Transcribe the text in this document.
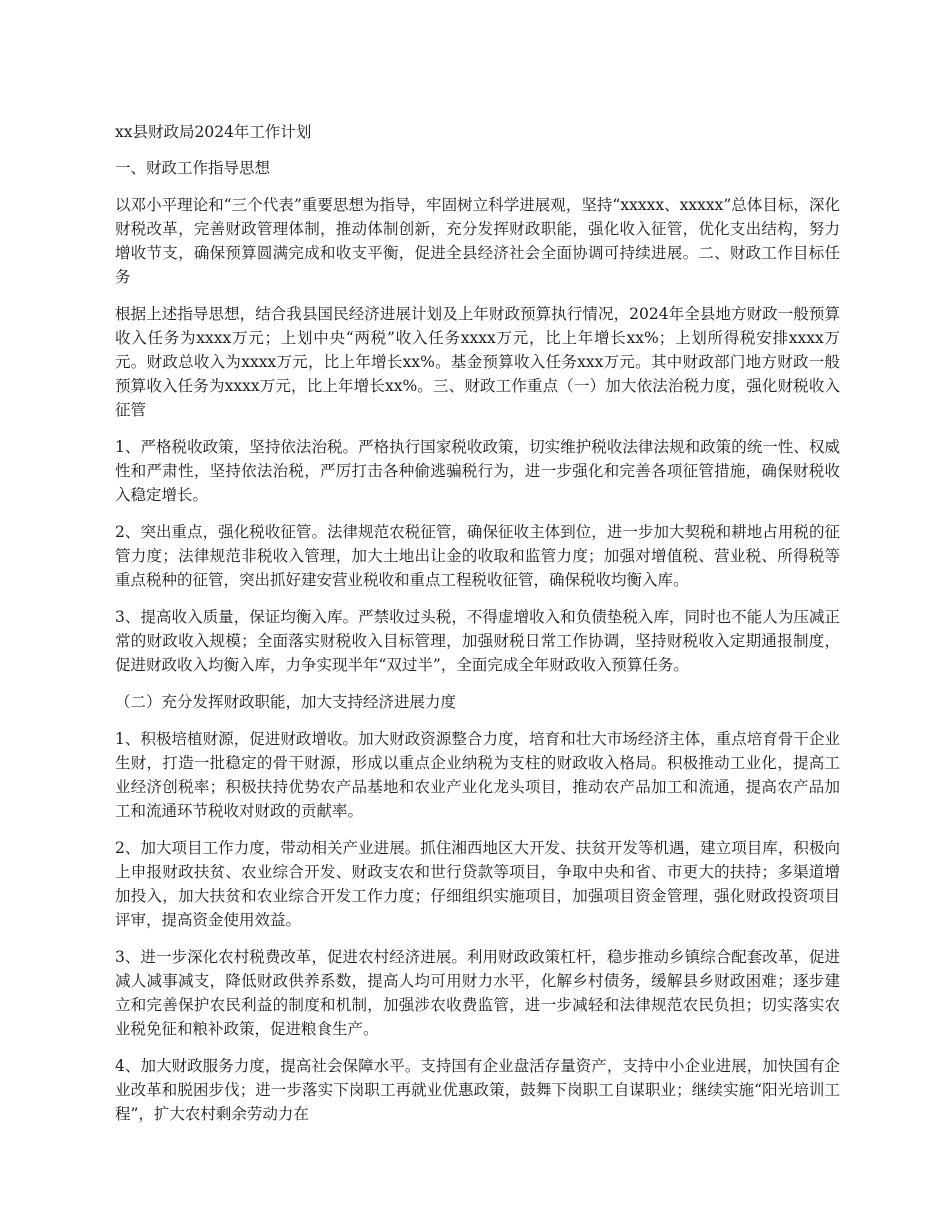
xx县财政局2024年工作计划
一、财政工作指导思想
以邓小平理论和“三个代表”重要思想为指导，牢固树立科学进展观，坚持“xxxxx、xxxxx”总体目标，深化财税改革，完善财政管理体制，推动体制创新，充分发挥财政职能，强化收入征管，优化支出结构，努力增收节支，确保预算圆满完成和收支平衡，促进全县经济社会全面协调可持续进展。二、财政工作目标任务
根据上述指导思想，结合我县国民经济进展计划及上年财政预算执行情况，2024年全县地方财政一般预算收入任务为xxxx万元；上划中央“两税”收入任务xxxx万元，比上年增长xx%；上划所得税安排xxxx万元。财政总收入为xxxx万元，比上年增长xx%。基金预算收入任务xxx万元。其中财政部门地方财政一般预算收入任务为xxxx万元，比上年增长xx%。三、财政工作重点（一）加大依法治税力度，强化财税收入征管
1、严格税收政策，坚持依法治税。严格执行国家税收政策，切实维护税收法律法规和政策的统一性、权威性和严肃性，坚持依法治税，严厉打击各种偷逃骗税行为，进一步强化和完善各项征管措施，确保财税收入稳定增长。
2、突出重点，强化税收征管。法律规范农税征管，确保征收主体到位，进一步加大契税和耕地占用税的征管力度；法律规范非税收入管理，加大土地出让金的收取和监管力度；加强对增值税、营业税、所得税等重点税种的征管，突出抓好建安营业税收和重点工程税收征管，确保税收均衡入库。
3、提高收入质量，保证均衡入库。严禁收过头税，不得虚增收入和负债垫税入库，同时也不能人为压减正常的财政收入规模；全面落实财税收入目标管理，加强财税日常工作协调，坚持财税收入定期通报制度，促进财政收入均衡入库，力争实现半年“双过半”，全面完成全年财政收入预算任务。
（二）充分发挥财政职能，加大支持经济进展力度
1、积极培植财源，促进财政增收。加大财政资源整合力度，培育和壮大市场经济主体，重点培育骨干企业生财，打造一批稳定的骨干财源，形成以重点企业纳税为支柱的财政收入格局。积极推动工业化，提高工业经济创税率；积极扶持优势农产品基地和农业产业化龙头项目，推动农产品加工和流通，提高农产品加工和流通环节税收对财政的贡献率。
2、加大项目工作力度，带动相关产业进展。抓住湘西地区大开发、扶贫开发等机遇，建立项目库，积极向上申报财政扶贫、农业综合开发、财政支农和世行贷款等项目，争取中央和省、市更大的扶持；多渠道增加投入，加大扶贫和农业综合开发工作力度；仔细组织实施项目，加强项目资金管理，强化财政投资项目评审，提高资金使用效益。
3、进一步深化农村税费改革，促进农村经济进展。利用财政政策杠杆，稳步推动乡镇综合配套改革，促进减人减事减支，降低财政供养系数，提高人均可用财力水平，化解乡村债务，缓解县乡财政困难；逐步建立和完善保护农民利益的制度和机制，加强涉农收费监管，进一步减轻和法律规范农民负担；切实落实农业税免征和粮补政策，促进粮食生产。
4、加大财政服务力度，提高社会保障水平。支持国有企业盘活存量资产，支持中小企业进展，加快国有企业改革和脱困步伐；进一步落实下岗职工再就业优惠政策，鼓舞下岗职工自谋职业；继续实施“阳光培训工程”，扩大农村剩余劳动力在
